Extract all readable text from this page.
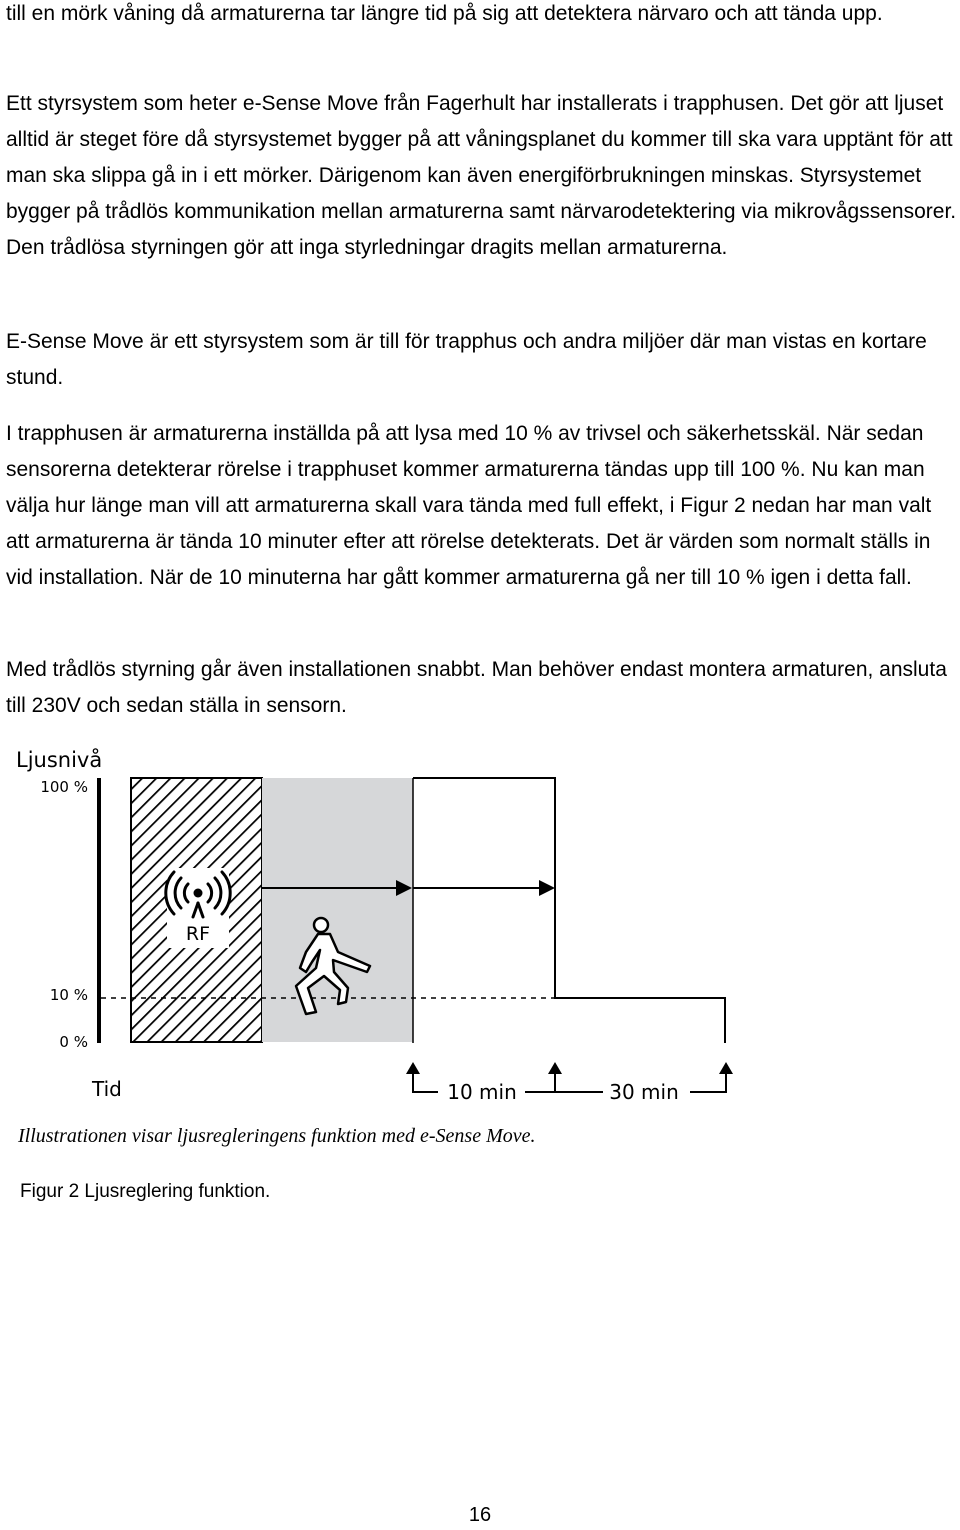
till en mörk våning då armaturerna tar längre tid på sig att detektera närvaro och att tända upp.

Ett styrsystem som heter e-Sense Move från Fagerhult har installerats i trapphusen. Det gör att ljuset alltid är steget före då styrsystemet bygger på att våningsplanet du kommer till ska vara upptänt för att man ska slippa gå in i ett mörker. Därigenom kan även energiförbrukningen minskas. Styrsystemet bygger på trådlös kommunikation mellan armaturerna samt närvarodetektering via mikrovågssensorer. Den trådlösa styrningen gör att inga styrledningar dragits mellan armaturerna.

E-Sense Move är ett styrsystem som är till för trapphus och andra miljöer där man vistas en kortare stund.

I trapphusen är armaturerna inställda på att lysa med 10 % av trivsel och säkerhetsskäl. När sedan sensorerna detekterar rörelse i trapphuset kommer armaturerna tändas upp till 100 %. Nu kan man välja hur länge man vill att armaturerna skall vara tända med full effekt, i Figur 2 nedan har man valt att armaturerna är tända 10 minuter efter att rörelse detekterats. Det är värden som normalt ställs in vid installation. När de 10 minuterna har gått kommer armaturerna gå ner till 10 % igen i detta fall.

Med trådlös styrning går även installationen snabbt. Man behöver endast montera armaturen, ansluta till 230V och sedan ställa in sensorn.

Ljusnivå
100 %
10 %
0 %
RF
Tid	10 min	30 min

Illustrationen visar ljusregleringens funktion med e-Sense Move.

Figur 2 Ljusreglering funktion.

16
